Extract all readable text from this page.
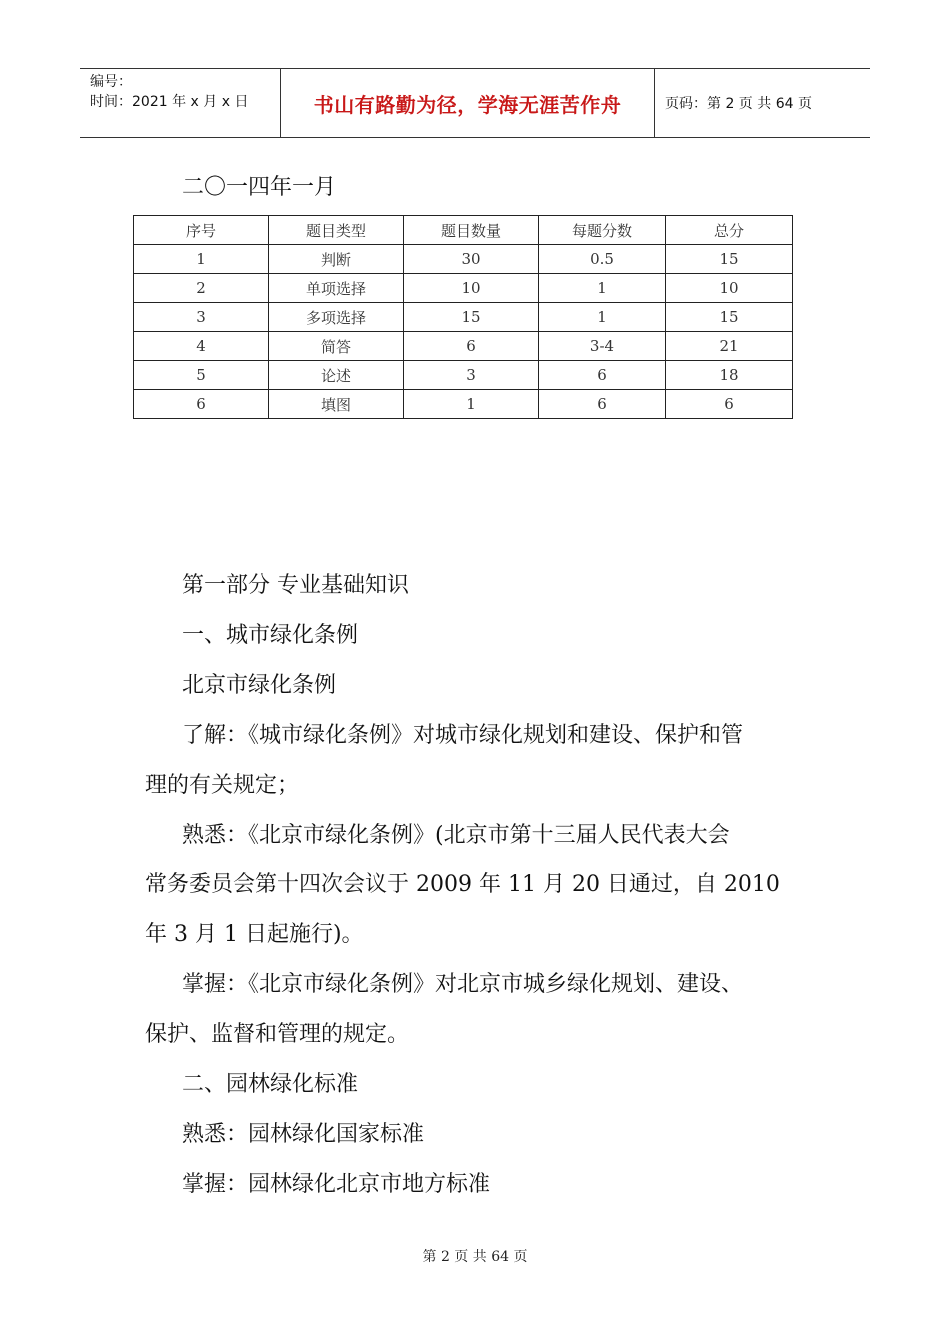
编号：
时间：2021 年 x 月 x 日	书山有路勤为径，学海无涯苦作舟	页码：第 2 页 共 64 页
二〇一四年一月
序号	题目类型	题目数量	每题分数	总分
1	判断	30	0.5	15
2	单项选择	10	1	10
3	多项选择	15	1	15
4	简答	6	3-4	21
5	论述	3	6	18
6	填图	1	6	6
第一部分 专业基础知识
一、城市绿化条例
北京市绿化条例
了解：《城市绿化条例》对城市绿化规划和建设、保护和管
理的有关规定；
熟悉：《北京市绿化条例》(北京市第十三届人民代表大会
常务委员会第十四次会议于 2009 年 11 月 20 日通过，自 2010
年 3 月 1 日起施行)。
掌握：《北京市绿化条例》对北京市城乡绿化规划、建设、
保护、监督和管理的规定。
二、园林绿化标准
熟悉：园林绿化国家标准
掌握：园林绿化北京市地方标准
第 2 页 共 64 页
